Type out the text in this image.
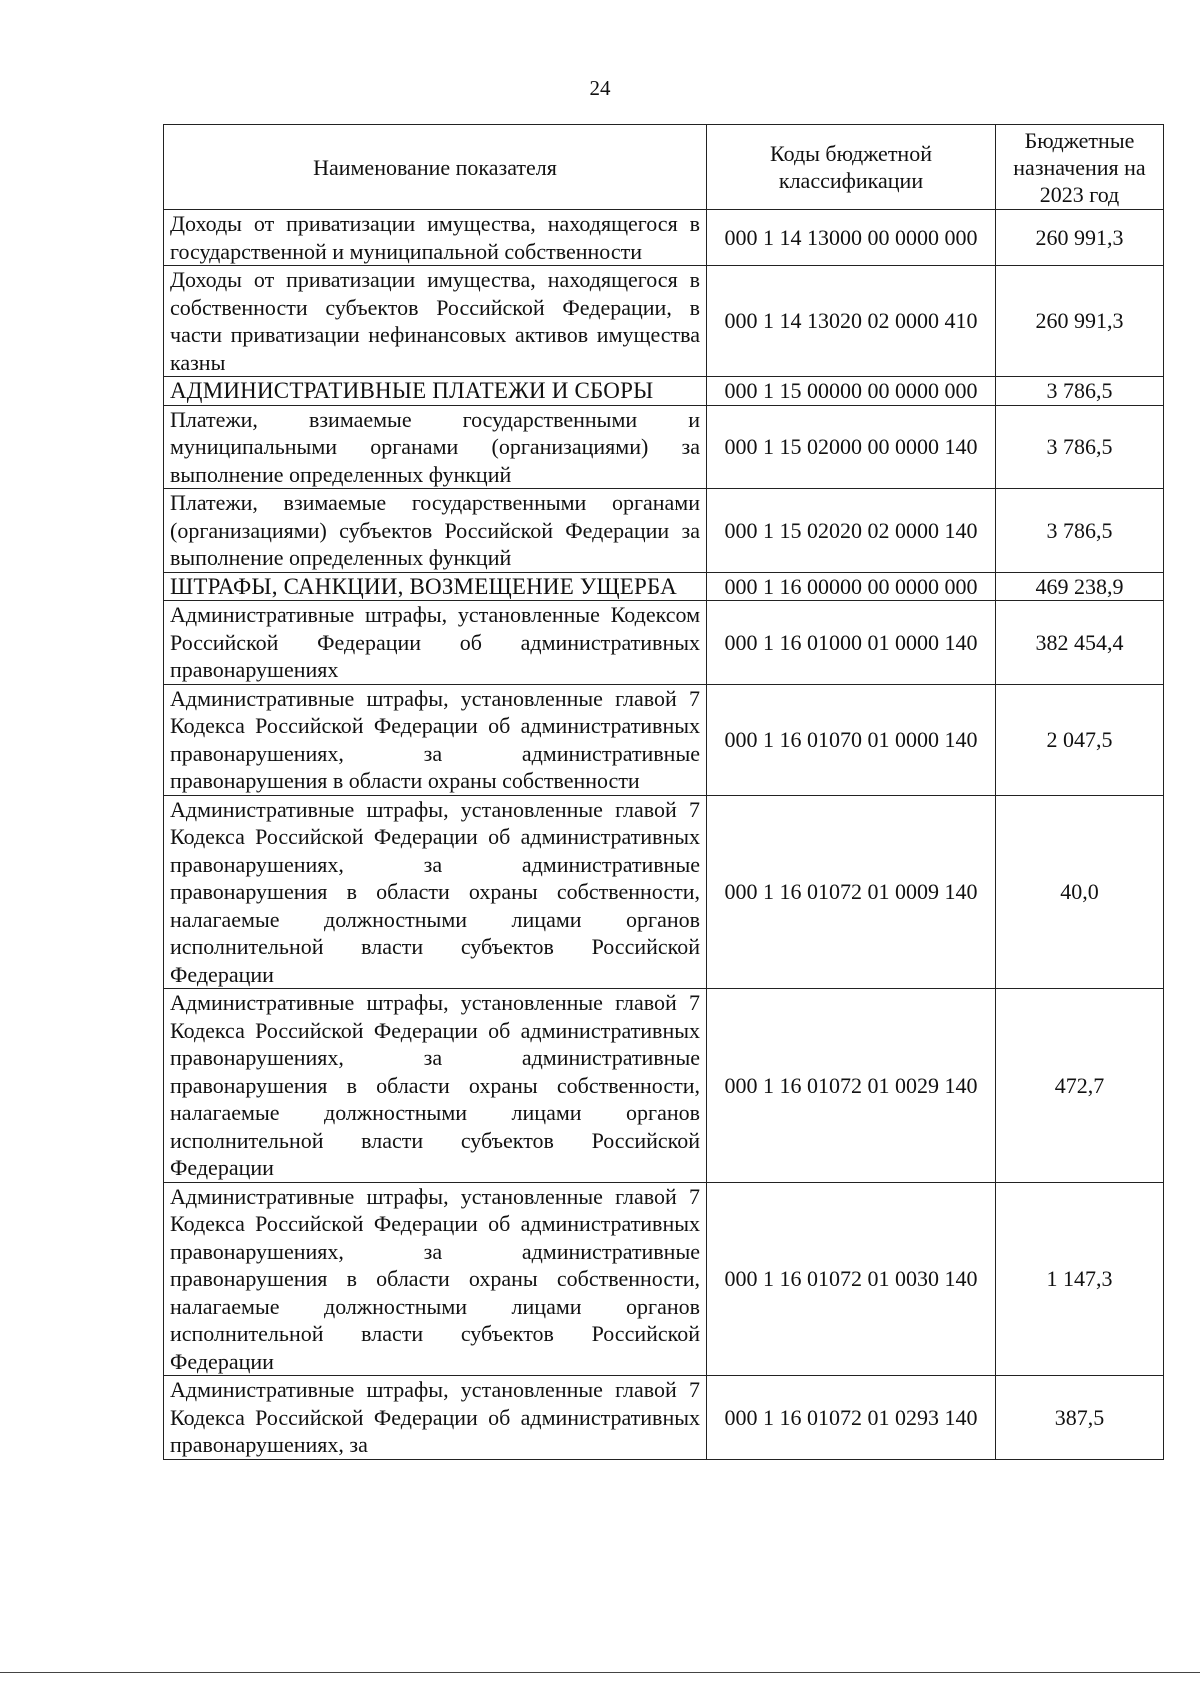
24
Наименование показателя	Коды бюджетной классификации	Бюджетные назначения на 2023 год
Доходы от приватизации имущества, находящегося в государственной и муниципальной собственности	000 1 14 13000 00 0000 000	260 991,3
Доходы от приватизации имущества, находящегося в собственности субъектов Российской Федерации, в части приватизации нефинансовых активов имущества казны	000 1 14 13020 02 0000 410	260 991,3
АДМИНИСТРАТИВНЫЕ ПЛАТЕЖИ И СБОРЫ	000 1 15 00000 00 0000 000	3 786,5
Платежи, взимаемые государственными и муниципальными органами (организациями) за выполнение определенных функций	000 1 15 02000 00 0000 140	3 786,5
Платежи, взимаемые государственными органами (организациями) субъектов Российской Федерации за выполнение определенных функций	000 1 15 02020 02 0000 140	3 786,5
ШТРАФЫ, САНКЦИИ, ВОЗМЕЩЕНИЕ УЩЕРБА	000 1 16 00000 00 0000 000	469 238,9
Административные штрафы, установленные Кодексом Российской Федерации об административных правонарушениях	000 1 16 01000 01 0000 140	382 454,4
Административные штрафы, установленные главой 7 Кодекса Российской Федерации об административных правонарушениях, за административные правонарушения в области охраны собственности	000 1 16 01070 01 0000 140	2 047,5
Административные штрафы, установленные главой 7 Кодекса Российской Федерации об административных правонарушениях, за административные правонарушения в области охраны собственности, налагаемые должностными лицами органов исполнительной власти субъектов Российской Федерации	000 1 16 01072 01 0009 140	40,0
Административные штрафы, установленные главой 7 Кодекса Российской Федерации об административных правонарушениях, за административные правонарушения в области охраны собственности, налагаемые должностными лицами органов исполнительной власти субъектов Российской Федерации	000 1 16 01072 01 0029 140	472,7
Административные штрафы, установленные главой 7 Кодекса Российской Федерации об административных правонарушениях, за административные правонарушения в области охраны собственности, налагаемые должностными лицами органов исполнительной власти субъектов Российской Федерации	000 1 16 01072 01 0030 140	1 147,3
Административные штрафы, установленные главой 7 Кодекса Российской Федерации об административных правонарушениях, за	000 1 16 01072 01 0293 140	387,5
